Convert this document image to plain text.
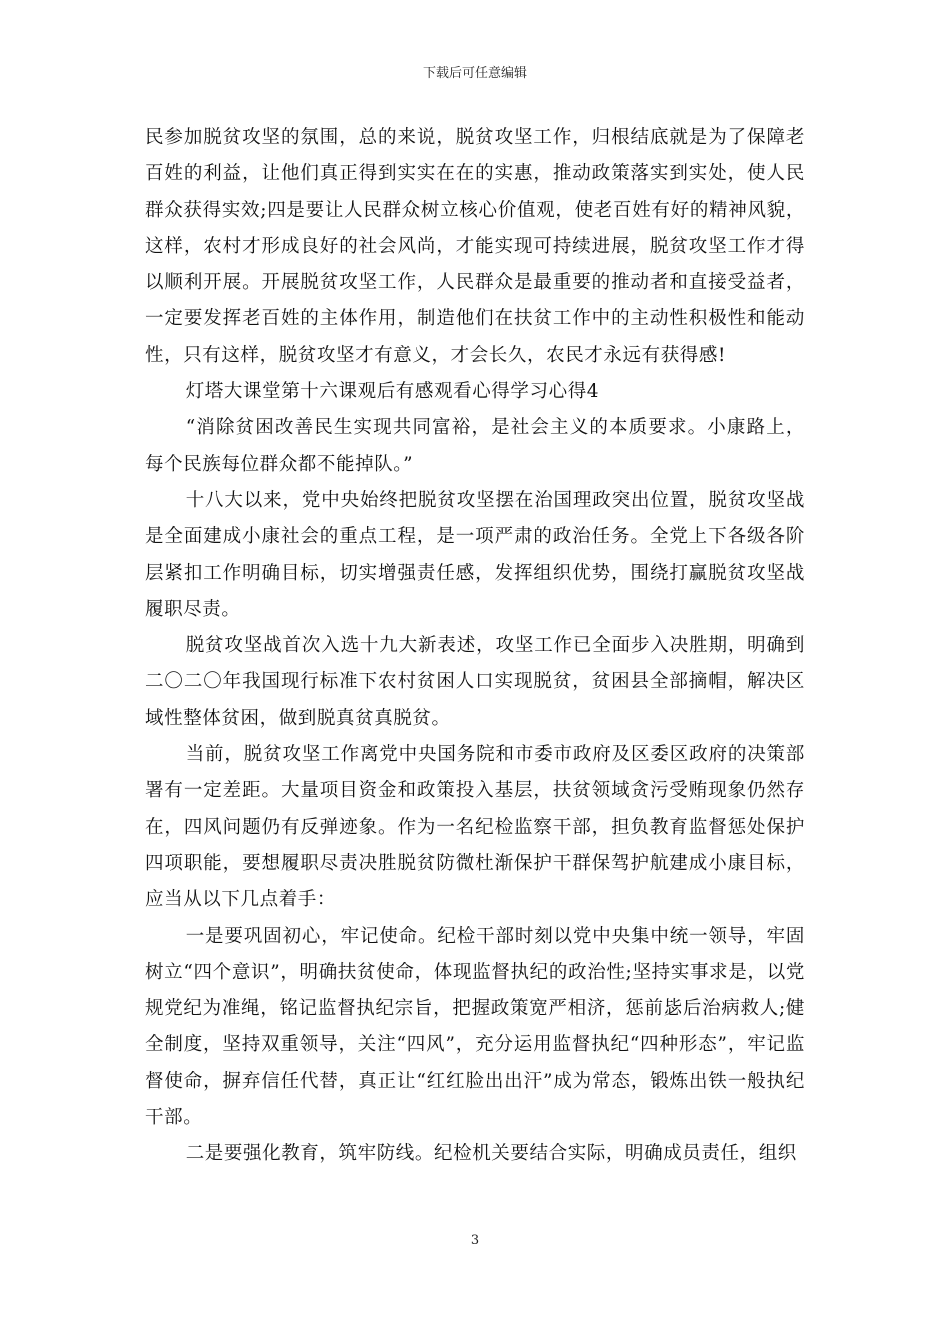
下载后可任意编辑

民参加脱贫攻坚的氛围，总的来说，脱贫攻坚工作，归根结底就是为了保障老百姓的利益，让他们真正得到实实在在的实惠，推动政策落实到实处，使人民群众获得实效;四是要让人民群众树立核心价值观，使老百姓有好的精神风貌，这样，农村才形成良好的社会风尚，才能实现可持续进展，脱贫攻坚工作才得以顺利开展。开展脱贫攻坚工作，人民群众是最重要的推动者和直接受益者，一定要发挥老百姓的主体作用，制造他们在扶贫工作中的主动性积极性和能动性，只有这样，脱贫攻坚才有意义，才会长久，农民才永远有获得感!

灯塔大课堂第十六课观后有感观看心得学习心得4

“消除贫困改善民生实现共同富裕，是社会主义的本质要求。小康路上，每个民族每位群众都不能掉队。”

十八大以来，党中央始终把脱贫攻坚摆在治国理政突出位置，脱贫攻坚战是全面建成小康社会的重点工程，是一项严肃的政治任务。全党上下各级各阶层紧扣工作明确目标，切实增强责任感，发挥组织优势，围绕打赢脱贫攻坚战履职尽责。

脱贫攻坚战首次入选十九大新表述，攻坚工作已全面步入决胜期，明确到二〇二〇年我国现行标准下农村贫困人口实现脱贫，贫困县全部摘帽，解决区域性整体贫困，做到脱真贫真脱贫。

当前，脱贫攻坚工作离党中央国务院和市委市政府及区委区政府的决策部署有一定差距。大量项目资金和政策投入基层，扶贫领域贪污受贿现象仍然存在，四风问题仍有反弹迹象。作为一名纪检监察干部，担负教育监督惩处保护四项职能，要想履职尽责决胜脱贫防微杜渐保护干群保驾护航建成小康目标，应当从以下几点着手：

一是要巩固初心，牢记使命。纪检干部时刻以党中央集中统一领导，牢固树立“四个意识”，明确扶贫使命，体现监督执纪的政治性;坚持实事求是，以党规党纪为准绳，铭记监督执纪宗旨，把握政策宽严相济，惩前毖后治病救人;健全制度，坚持双重领导，关注“四风”，充分运用监督执纪“四种形态”，牢记监督使命，摒弃信任代替，真正让“红红脸出出汗”成为常态，锻炼出铁一般执纪干部。

二是要强化教育，筑牢防线。纪检机关要结合实际，明确成员责任，组织

3
